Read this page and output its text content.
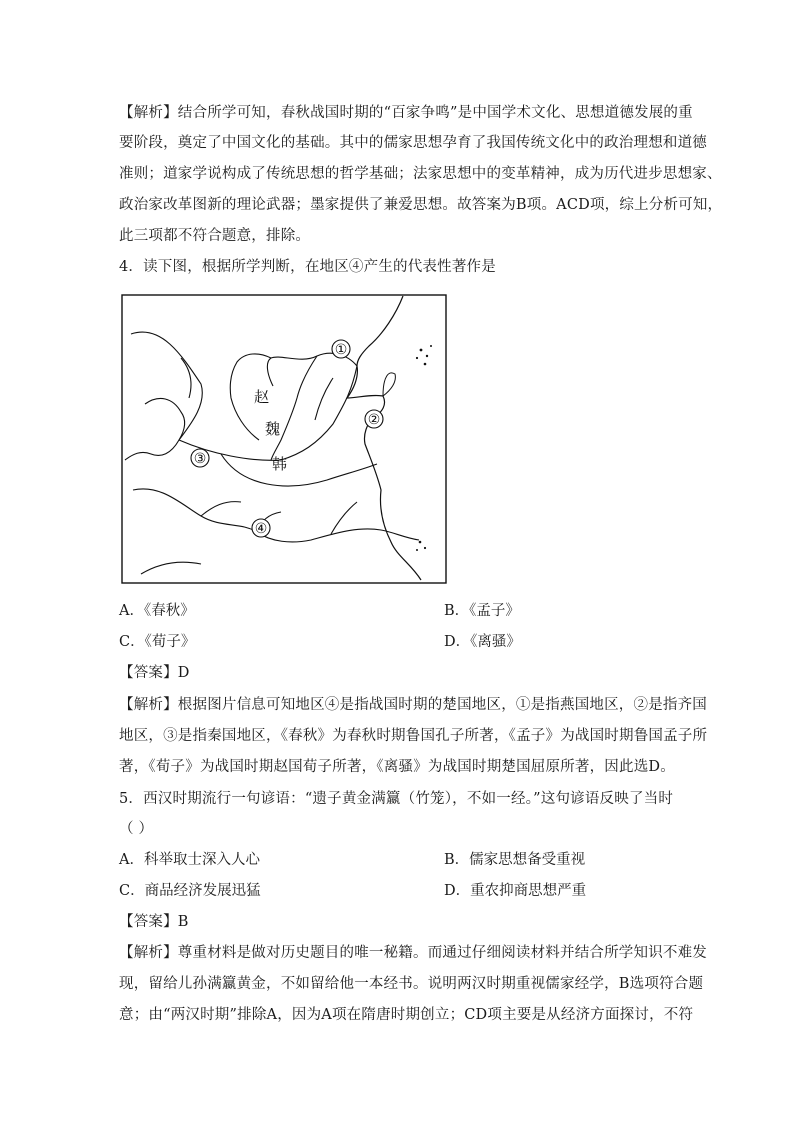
【解析】结合所学可知，春秋战国时期的“百家争鸣”是中国学术文化、思想道德发展的重
要阶段，奠定了中国文化的基础。其中的儒家思想孕育了我国传统文化中的政治理想和道德
准则；道家学说构成了传统思想的哲学基础；法家思想中的变革精神，成为历代进步思想家、
政治家改革图新的理论武器；墨家提供了兼爱思想。故答案为B项。ACD项，综上分析可知，
此三项都不符合题意，排除。
4．读下图，根据所学判断，在地区④产生的代表性著作是
赵
魏
韩
①
②
③
④
A．《春秋》	B．《孟子》
C．《荀子》	D．《离骚》
【答案】D
【解析】根据图片信息可知地区④是指战国时期的楚国地区，①是指燕国地区，②是指齐国
地区，③是指秦国地区，《春秋》为春秋时期鲁国孔子所著，《孟子》为战国时期鲁国孟子所
著，《荀子》为战国时期赵国荀子所著，《离骚》为战国时期楚国屈原所著，因此选D。
5．西汉时期流行一句谚语：“遗子黄金满籝（竹笼），不如一经。”这句谚语反映了当时
（ ）
A．科举取士深入人心	B．儒家思想备受重视
C．商品经济发展迅猛	D．重农抑商思想严重
【答案】B
【解析】尊重材料是做对历史题目的唯一秘籍。而通过仔细阅读材料并结合所学知识不难发
现，留给儿孙满籝黄金，不如留给他一本经书。说明两汉时期重视儒家经学，B选项符合题
意；由“两汉时期”排除A，因为A项在隋唐时期创立；CD项主要是从经济方面探讨，不符
